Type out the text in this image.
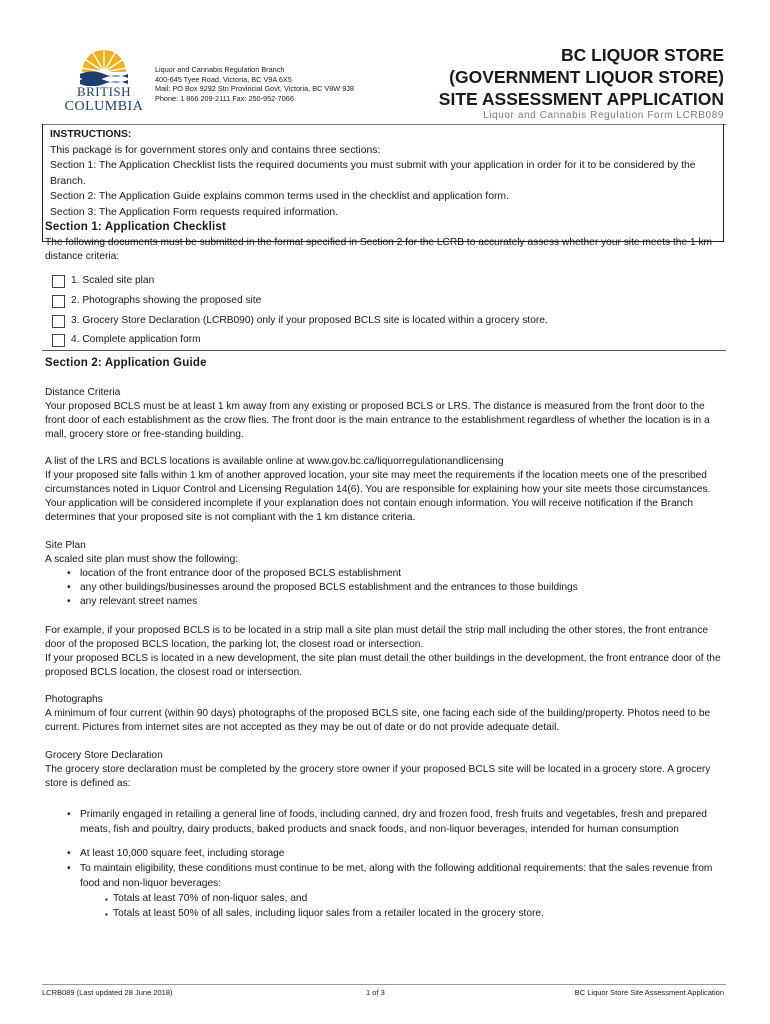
BRITISH
COLUMBIA
Liquor and Cannabis Regulation Branch
400-645 Tyee Road, Victoria, BC V9A 6X5
Mail: PO Box 9292 Stn Provincial Govt, Victoria, BC V8W 9J8
Phone: 1 866 209-2111 Fax: 250-952-7066
BC LIQUOR STORE
(GOVERNMENT LIQUOR STORE)
SITE ASSESSMENT APPLICATION
Liquor and Cannabis Regulation Form LCRB089
INSTRUCTIONS:
This package is for government stores only and contains three sections:
Section 1: The Application Checklist lists the required documents you must submit with your application in order for it to be considered by the Branch.
Section 2: The Application Guide explains common terms used in the checklist and application form.
Section 3: The Application Form requests required information.
Section 1: Application Checklist
The following documents must be submitted in the format specified in Section 2 for the LCRB to accurately assess whether your site meets the 1 km distance criteria:
1. Scaled site plan
2. Photographs showing the proposed site
3. Grocery Store Declaration (LCRB090) only if your proposed BCLS site is located within a grocery store.
4. Complete application form
Section 2: Application Guide

Distance Criteria

Your proposed BCLS must be at least 1 km away from any existing or proposed BCLS or LRS. The distance is measured from the front door to the front door of each establishment as the crow flies. The front door is the main entrance to the establishment regardless of whether the location is in a mall, grocery store or free-standing building.

A list of the LRS and BCLS locations is available online at www.gov.bc.ca/liquorregulationandlicensing

If your proposed site falls within 1 km of another approved location, your site may meet the requirements if the location meets one of the prescribed circumstances noted in Liquor Control and Licensing Regulation 14(6). You are responsible for explaining how your site meets those circumstances. Your application will be considered incomplete if your explanation does not contain enough information. You will receive notification if the Branch determines that your proposed site is not compliant with the 1 km distance criteria.

Site Plan

A scaled site plan must show the following:

• location of the front entrance door of the proposed BCLS establishment
• any other buildings/businesses around the proposed BCLS establishment and the entrances to those buildings
• any relevant street names

For example, if your proposed BCLS is to be located in a strip mall a site plan must detail the strip mall including the other stores, the front entrance door of the proposed BCLS location, the parking lot, the closest road or intersection.

If your proposed BCLS is located in a new development, the site plan must detail the other buildings in the development, the front entrance door of the proposed BCLS location, the closest road or intersection.

Photographs

A minimum of four current (within 90 days) photographs of the proposed BCLS site, one facing each side of the building/property. Photos need to be current. Pictures from internet sites are not accepted as they may be out of date or do not provide adequate detail.

Grocery Store Declaration

The grocery store declaration must be completed by the grocery store owner if your proposed BCLS site will be located in a grocery store. A grocery store is defined as:

• Primarily engaged in retailing a general line of foods, including canned, dry and frozen food, fresh fruits and vegetables, fresh and prepared meats, fish and poultry, dairy products, baked products and snack foods, and non-liquor beverages, intended for human consumption
• At least 10,000 square feet, including storage
• To maintain eligibility, these conditions must continue to be met, along with the following additional requirements: that the sales revenue from food and non-liquor beverages:
▪ Totals at least 70% of non-liquor sales, and
▪ Totals at least 50% of all sales, including liquor sales from a retailer located in the grocery store.
LCRB089 (Last updated 28 June 2018)	1 of 3	BC Liquor Store Site Assessment Application
